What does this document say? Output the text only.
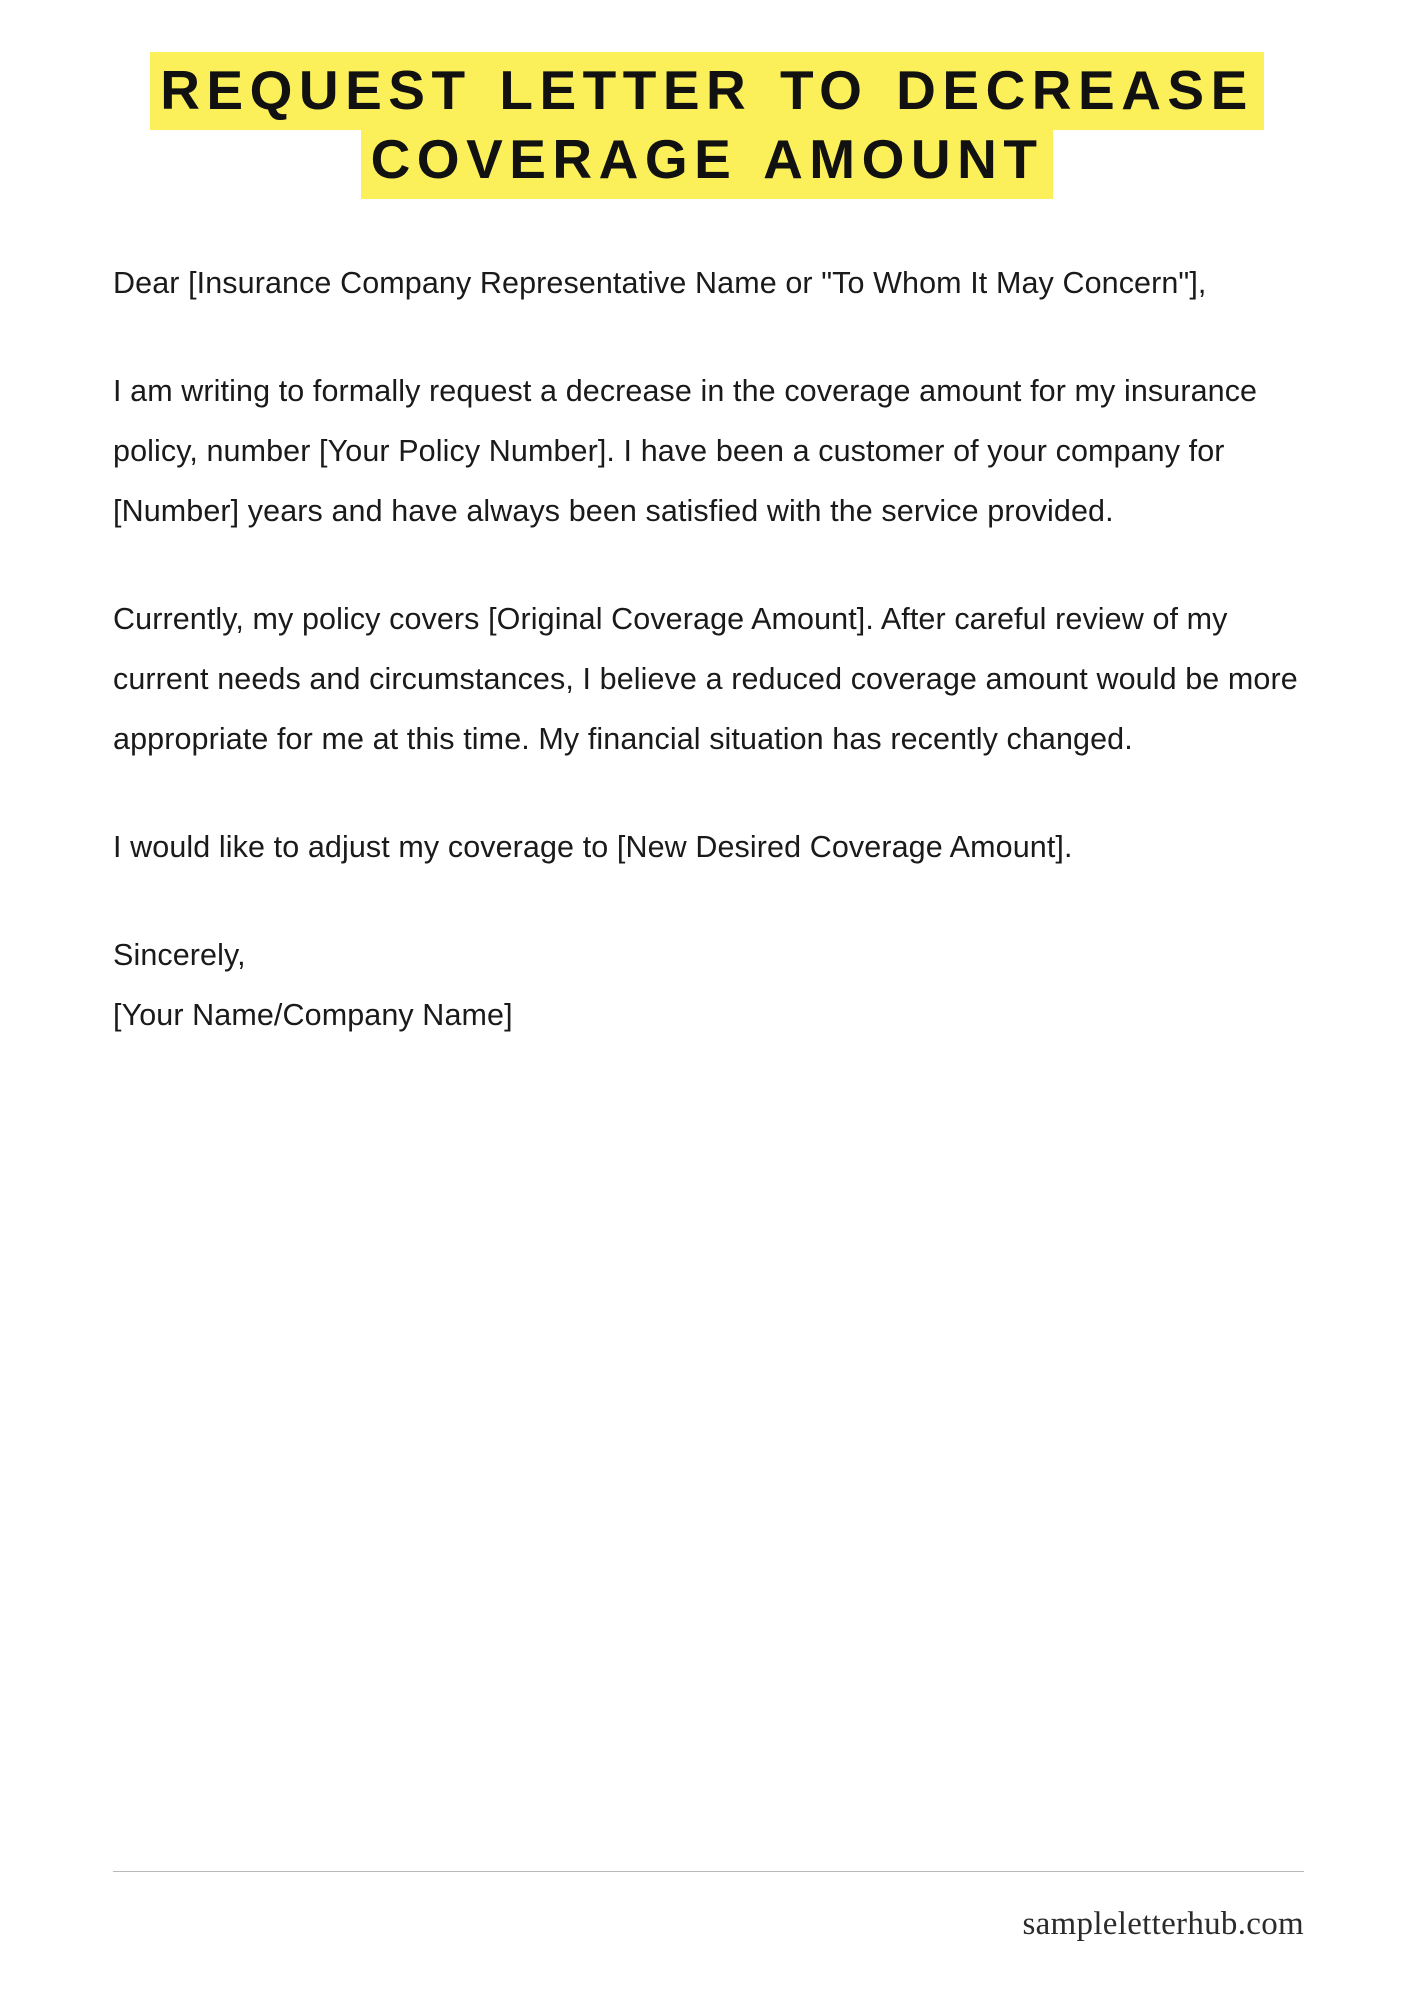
REQUEST LETTER TO DECREASE
COVERAGE AMOUNT

Dear [Insurance Company Representative Name or "To Whom It May Concern"],

I am writing to formally request a decrease in the coverage amount for my insurance policy, number [Your Policy Number]. I have been a customer of your company for [Number] years and have always been satisfied with the service provided.

Currently, my policy covers [Original Coverage Amount]. After careful review of my current needs and circumstances, I believe a reduced coverage amount would be more appropriate for me at this time. My financial situation has recently changed.

I would like to adjust my coverage to [New Desired Coverage Amount].

Sincerely,

[Your Name/Company Name]

sampleletterhub.com
